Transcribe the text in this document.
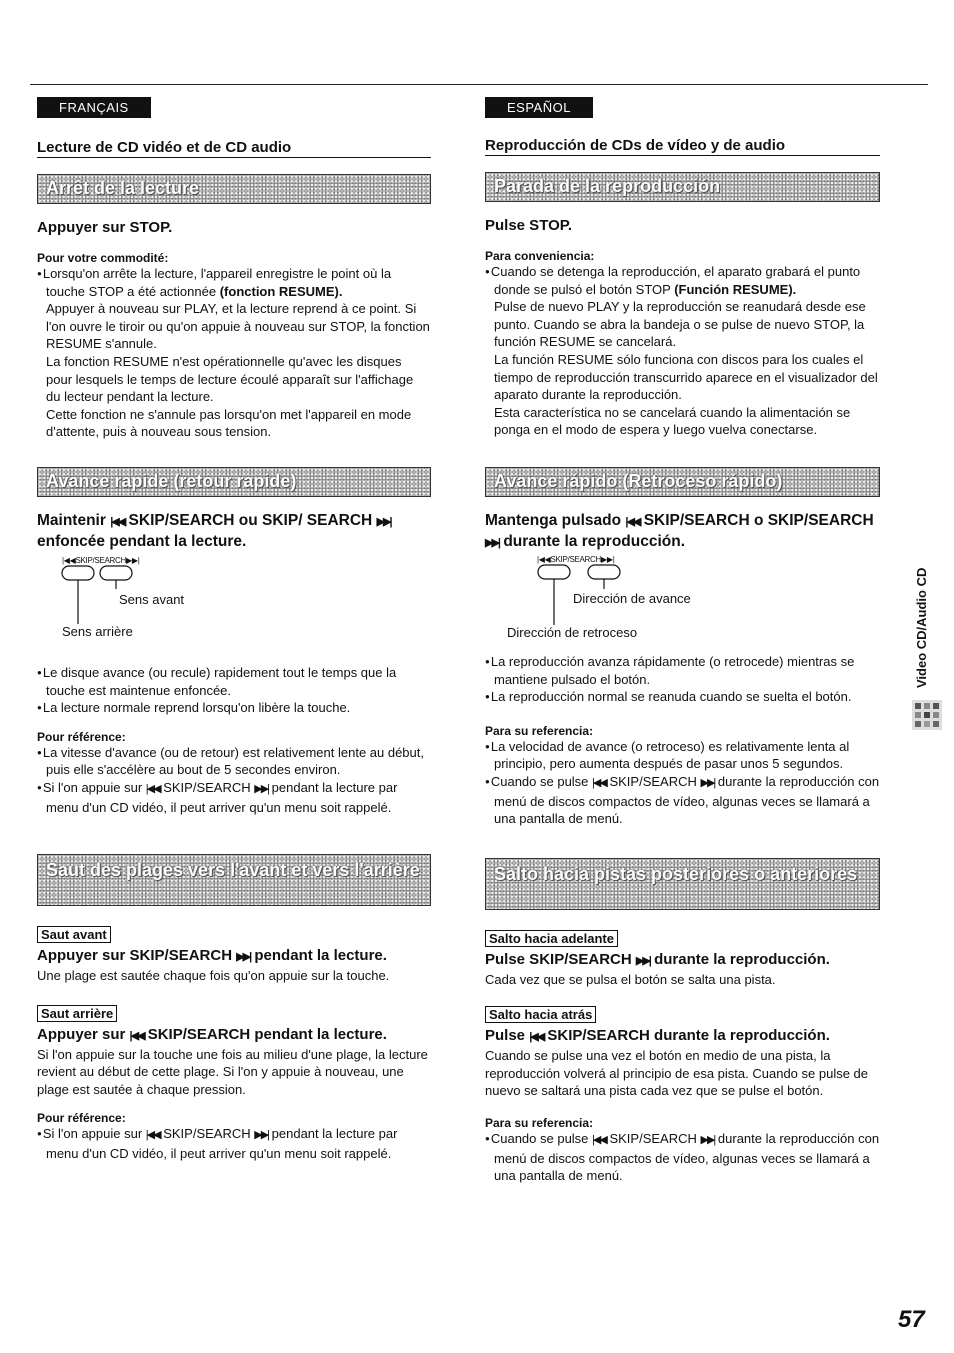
FRANÇAIS
Lecture de CD vidéo et de CD audio
Arrêt de la lecture
Appuyer sur STOP.
Pour votre commodité:
● Lorsqu'on arrête la lecture, l'appareil enregistre le point où la touche STOP a été actionnée (fonction RESUME).
Appuyer à nouveau sur PLAY, et la lecture reprend à ce point. Si l'on ouvre le tiroir ou qu'on appuie à nouveau sur STOP, la fonction RESUME s'annule.
La fonction RESUME n'est opérationnelle qu'avec les disques pour lesquels le temps de lecture écoulé apparaît sur l'affichage du lecteur pendant la lecture.
Cette fonction ne s'annule pas lorsqu'on met l'appareil en mode d'attente, puis à nouveau sous tension.
Avance rapide (retour rapide)
Maintenir |◀◀ SKIP/SEARCH ou SKIP/ SEARCH ▶▶| enfoncée pendant la lecture.
|◀◀SKIP/SEARCH▶▶|
Sens avant
Sens arrière
● Le disque avance (ou recule) rapidement tout le temps que la touche est maintenue enfoncée.
● La lecture normale reprend lorsqu'on libère la touche.
Pour référence:
● La vitesse d'avance (ou de retour) est relativement lente au début, puis elle s'accélère au bout de 5 secondes environ.
● Si l'on appuie sur |◀◀ SKIP/SEARCH ▶▶| pendant la lecture par menu d'un CD vidéo, il peut arriver qu'un menu soit rappelé.
Saut des plages vers l'avant et vers l'arrière
Saut avant
Appuyer sur SKIP/SEARCH ▶▶| pendant la lecture.
Une plage est sautée chaque fois qu'on appuie sur la touche.
Saut arrière
Appuyer sur |◀◀ SKIP/SEARCH pendant la lecture.
Si l'on appuie sur la touche une fois au milieu d'une plage, la lecture revient au début de cette plage. Si l'on y appuie à nouveau, une plage est sautée à chaque pression.
Pour référence:
● Si l'on appuie sur |◀◀ SKIP/SEARCH ▶▶| pendant la lecture par menu d'un CD vidéo, il peut arriver qu'un menu soit rappelé.
ESPAÑOL
Reproducción de CDs de vídeo y de audio
Parada de la reproducción
Pulse STOP.
Para conveniencia:
● Cuando se detenga la reproducción, el aparato grabará el punto donde se pulsó el botón STOP (Función RESUME).
Pulse de nuevo PLAY y la reproducción se reanudará desde ese punto. Cuando se abra la bandeja o se pulse de nuevo STOP, la función RESUME se cancelará.
La función RESUME sólo funciona con discos para los cuales el tiempo de reproducción transcurrido aparece en el visualizador del aparato durante la reproducción.
Esta característica no se cancelará cuando la alimentación se ponga en el modo de espera y luego vuelva conectarse.
Avance rápido (Retroceso rápido)
Mantenga pulsado |◀◀ SKIP/SEARCH o SKIP/SEARCH ▶▶| durante la reproducción.
|◀◀SKIP/SEARCH▶▶|
Dirección de avance
Dirección de retroceso
● La reproducción avanza rápidamente (o retrocede) mientras se mantiene pulsado el botón.
● La reproducción normal se reanuda cuando se suelta el botón.
Para su referencia:
● La velocidad de avance (o retroceso) es relativamente lenta al principio, pero aumenta después de pasar unos 5 segundos.
● Cuando se pulse |◀◀ SKIP/SEARCH ▶▶| durante la reproducción con menú de discos compactos de vídeo, algunas veces se llamará a una pantalla de menú.
Salto hacia pistas posteriores o anteriores
Salto hacia adelante
Pulse SKIP/SEARCH ▶▶| durante la reproducción.
Cada vez que se pulsa el botón se salta una pista.
Salto hacia atrás
Pulse |◀◀ SKIP/SEARCH durante la reproducción.
Cuando se pulse una vez el botón en medio de una pista, la reproducción volverá al principio de esa pista. Cuando se pulse de nuevo se saltará una pista cada vez que se pulse el botón.
Para su referencia:
● Cuando se pulse |◀◀ SKIP/SEARCH ▶▶| durante la reproducción con menú de discos compactos de vídeo, algunas veces se llamará a una pantalla de menú.
Video CD/Audio CD
57
